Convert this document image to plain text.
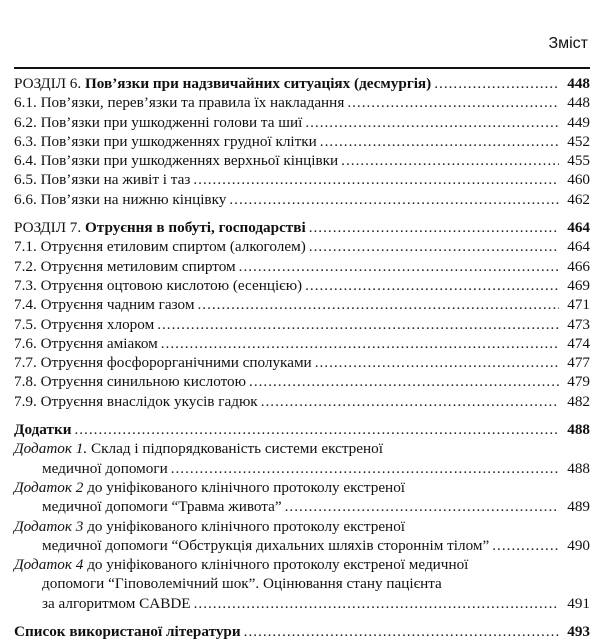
Зміст
РОЗДІЛ 6. Пов’язки при надзвичайних ситуаціях (десмургія) .....	448
6.1. Пов’язки, перев’язки та правила їх накладання .....	448
6.2. Пов’язки при ушкодженні голови та шиї .....	449
6.3. Пов’язки при ушкодженнях грудної клітки .....	452
6.4. Пов’язки при ушкодженнях верхньої кінцівки .....	455
6.5. Пов’язки на живіт і таз .....	460
6.6. Пов’язки на нижню кінцівку .....	462
РОЗДІЛ 7. Отруєння в побуті, господарстві .....	464
7.1. Отруєння етиловим спиртом (алкоголем) .....	464
7.2. Отруєння метиловим спиртом .....	466
7.3. Отруєння оцтовою кислотою (есенцією) .....	469
7.4. Отруєння чадним газом .....	471
7.5. Отруєння хлором .....	473
7.6. Отруєння аміаком .....	474
7.7. Отруєння фосфорорганічними сполуками .....	477
7.8. Отруєння синильною кислотою .....	479
7.9. Отруєння внаслідок укусів гадюк .....	482
Додатки .....	488
Додаток 1. Склад і підпорядкованість системи екстреної
медичної допомоги .....	488
Додаток 2 до уніфікованого клінічного протоколу екстреної
медичної допомоги “Травма живота” .....	489
Додаток 3 до уніфікованого клінічного протоколу екстреної
медичної допомоги “Обструкція дихальних шляхів стороннім тілом” .....	490
Додаток 4 до уніфікованого клінічного протоколу екстреної медичної
допомоги “Гіповолемічний шок”. Оцінювання стану пацієнта
за алгоритмом CABDE .....	491
Список використаної літератури .....	493
